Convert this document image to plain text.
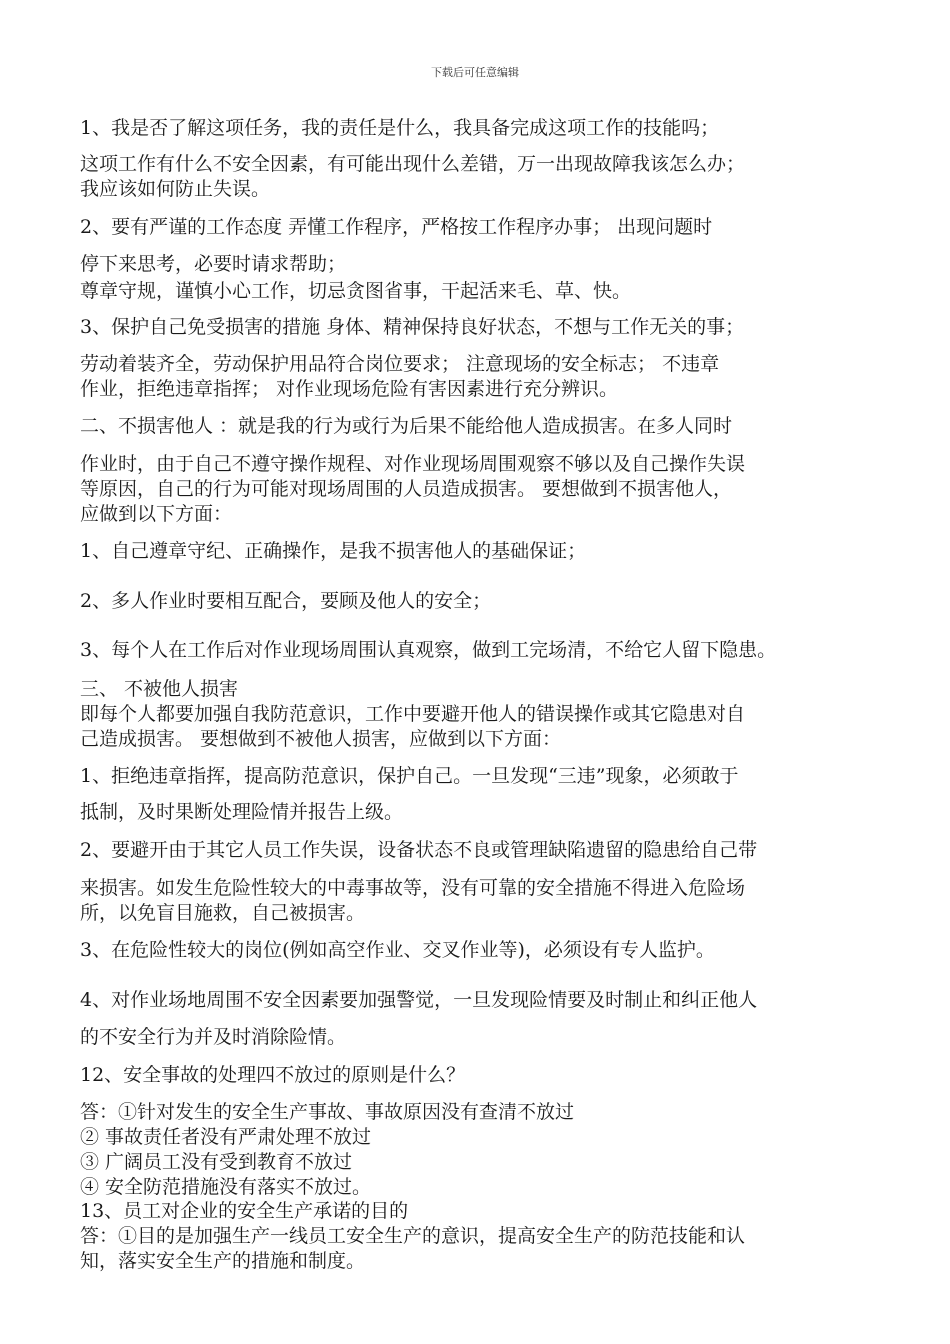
下载后可任意编辑
1、我是否了解这项任务，我的责任是什么，我具备完成这项工作的技能吗；
这项工作有什么不安全因素，有可能出现什么差错，万一出现故障我该怎么办；
我应该如何防止失误。
2、要有严谨的工作态度 弄懂工作程序，严格按工作程序办事； 出现问题时
停下来思考，必要时请求帮助；
尊章守规，谨慎小心工作，切忌贪图省事，干起活来毛、草、快。
3、保护自己免受损害的措施 身体、精神保持良好状态，不想与工作无关的事；
劳动着装齐全，劳动保护用品符合岗位要求； 注意现场的安全标志； 不违章
作业，拒绝违章指挥； 对作业现场危险有害因素进行充分辨识。
二、不损害他人 ：就是我的行为或行为后果不能给他人造成损害。在多人同时
作业时，由于自己不遵守操作规程、对作业现场周围观察不够以及自己操作失误
等原因，自己的行为可能对现场周围的人员造成损害。 要想做到不损害他人，
应做到以下方面：
1、自己遵章守纪、正确操作，是我不损害他人的基础保证；
2、多人作业时要相互配合，要顾及他人的安全；
3、每个人在工作后对作业现场周围认真观察，做到工完场清，不给它人留下隐患。
三、 不被他人损害
即每个人都要加强自我防范意识，工作中要避开他人的错误操作或其它隐患对自
己造成损害。 要想做到不被他人损害，应做到以下方面：
1、拒绝违章指挥，提高防范意识，保护自己。一旦发现“三违”现象，必须敢于
抵制，及时果断处理险情并报告上级。
2、要避开由于其它人员工作失误，设备状态不良或管理缺陷遗留的隐患给自己带
来损害。如发生危险性较大的中毒事故等，没有可靠的安全措施不得进入危险场
所，以免盲目施救，自己被损害。
3、在危险性较大的岗位(例如高空作业、交叉作业等)，必须设有专人监护。
4、对作业场地周围不安全因素要加强警觉，一旦发现险情要及时制止和纠正他人
的不安全行为并及时消除险情。
12、安全事故的处理四不放过的原则是什么？
答：①针对发生的安全生产事故、事故原因没有查清不放过
② 事故责任者没有严肃处理不放过
③ 广阔员工没有受到教育不放过
④ 安全防范措施没有落实不放过。
13、员工对企业的安全生产承诺的目的
答：①目的是加强生产一线员工安全生产的意识，提高安全生产的防范技能和认
知，落实安全生产的措施和制度。
